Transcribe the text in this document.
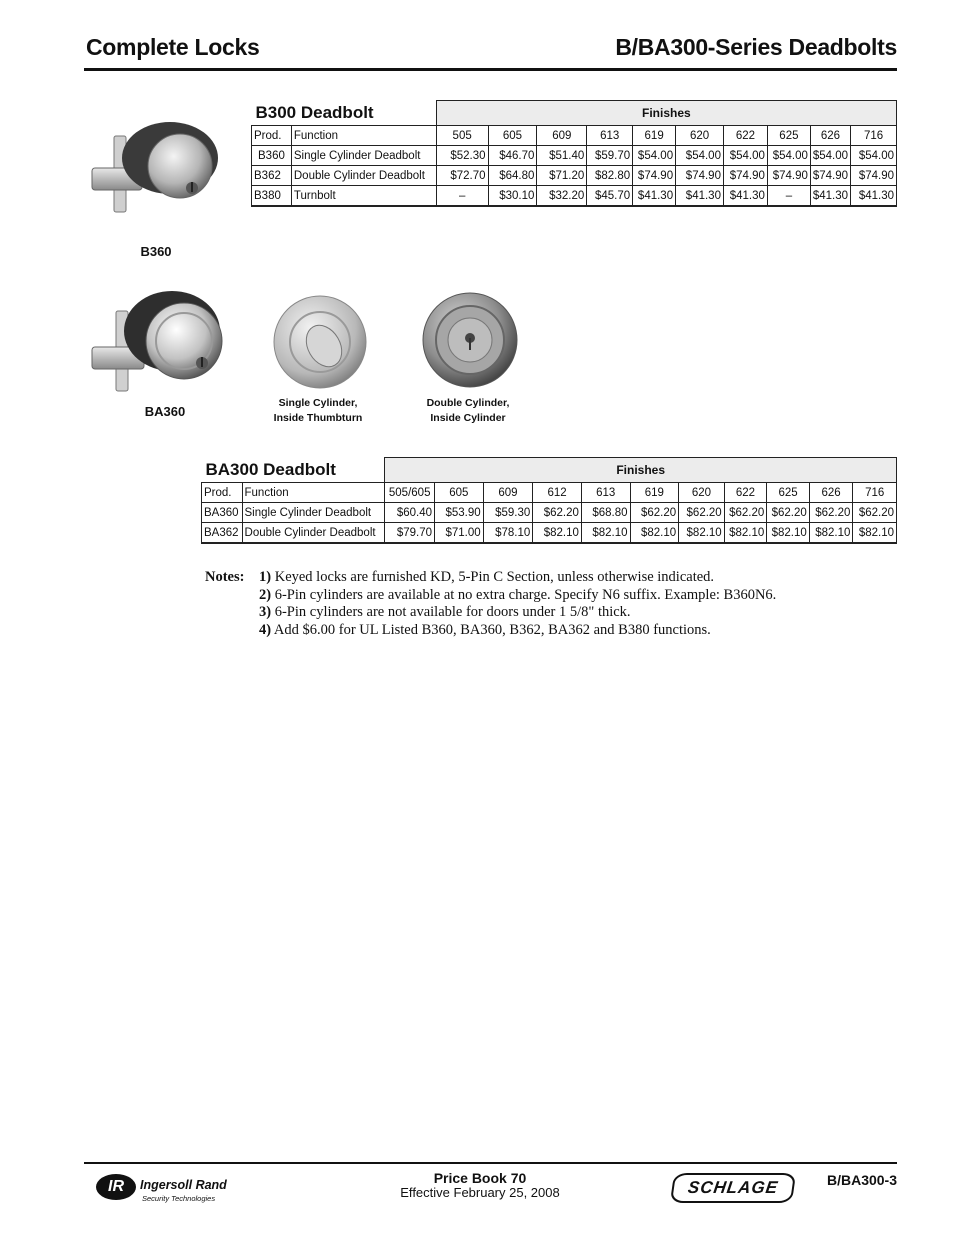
Complete Locks	B/BA300-Series Deadbolts
B360
BA360
Single Cylinder,
Inside Thumbturn
Double Cylinder,
Inside Cylinder
B300 Deadbolt		Finishes									
Prod.	Function	505	605	609	613	619	620	622	625	626	716
B360	Single Cylinder Deadbolt	$52.30	$46.70	$51.40	$59.70	$54.00	$54.00	$54.00	$54.00	$54.00	$54.00
B362	Double Cylinder Deadbolt	$72.70	$64.80	$71.20	$82.80	$74.90	$74.90	$74.90	$74.90	$74.90	$74.90
B380	Turnbolt	–	$30.10	$32.20	$45.70	$41.30	$41.30	$41.30	–	$41.30	$41.30
BA300 Deadbolt		Finishes										
Prod.	Function	505/605	605	609	612	613	619	620	622	625	626	716
BA360	Single Cylinder Deadbolt	$60.40	$53.90	$59.30	$62.20	$68.80	$62.20	$62.20	$62.20	$62.20	$62.20	$62.20
BA362	Double Cylinder Deadbolt	$79.70	$71.00	$78.10	$82.10	$82.10	$82.10	$82.10	$82.10	$82.10	$82.10	$82.10
Notes: 1) Keyed locks are furnished KD, 5-Pin C Section, unless otherwise indicated.
2) 6-Pin cylinders are available at no extra charge. Specify N6 suffix. Example: B360N6.
3) 6-Pin cylinders are not available for doors under 1 5/8" thick.
4) Add $6.00 for UL Listed B360, BA360, B362, BA362 and B380 functions.
IR	Ingersoll Rand
Security Technologies
Price Book 70
Effective February 25, 2008	SCHLAGE	B/BA300-3
